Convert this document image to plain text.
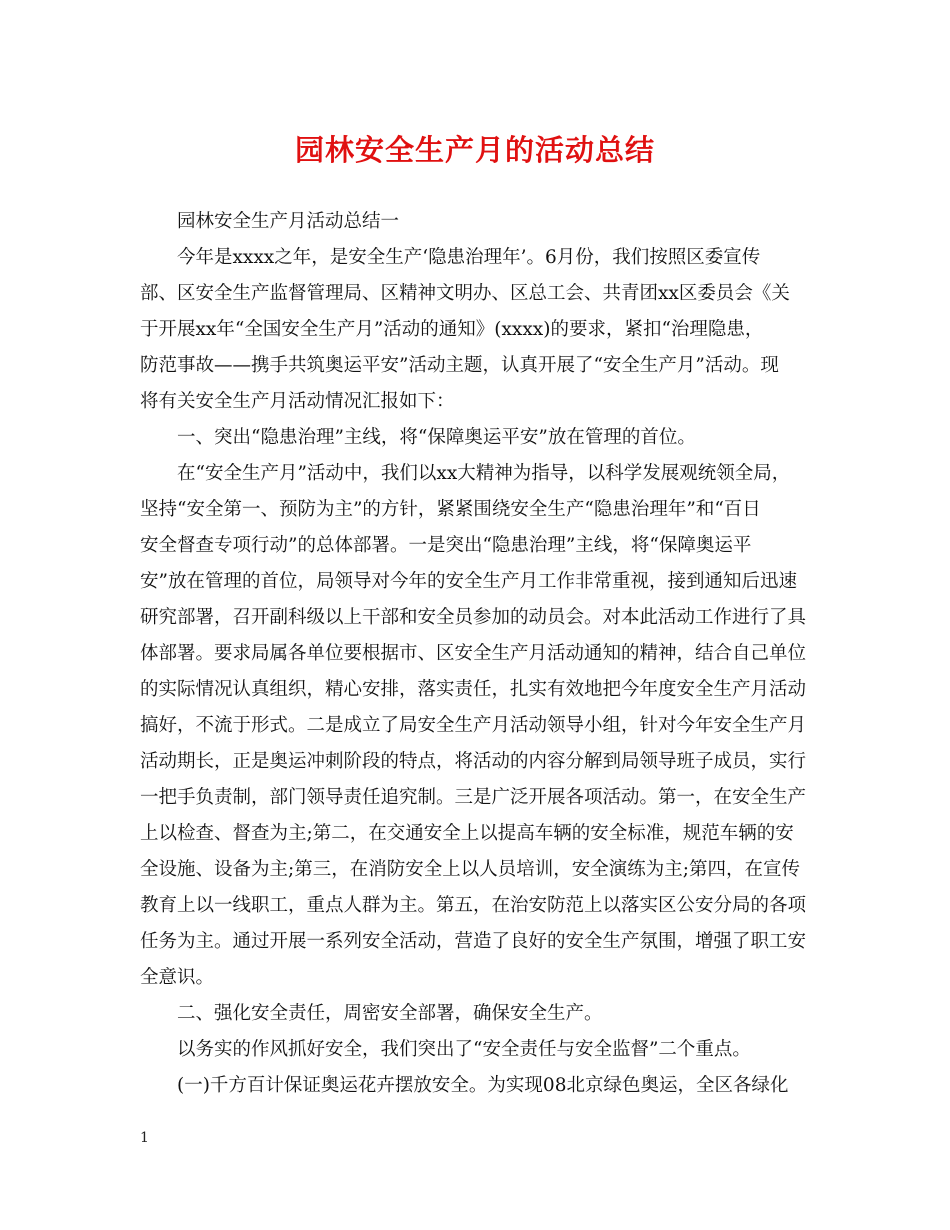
园林安全生产月的活动总结

园林安全生产月活动总结一

今年是xxxx之年，是安全生产‘隐患治理年’。6月份，我们按照区委宣传
部、区安全生产监督管理局、区精神文明办、区总工会、共青团xx区委员会《关
于开展xx年“全国安全生产月”活动的通知》(xxxx)的要求，紧扣“治理隐患，
防范事故——携手共筑奥运平安”活动主题，认真开展了“安全生产月”活动。现
将有关安全生产月活动情况汇报如下：

一、突出“隐患治理”主线，将“保障奥运平安”放在管理的首位。

在“安全生产月”活动中，我们以xx大精神为指导，以科学发展观统领全局，
坚持“安全第一、预防为主”的方针，紧紧围绕安全生产“隐患治理年”和“百日
安全督查专项行动”的总体部署。一是突出“隐患治理”主线，将“保障奥运平
安”放在管理的首位，局领导对今年的安全生产月工作非常重视，接到通知后迅速
研究部署，召开副科级以上干部和安全员参加的动员会。对本此活动工作进行了具
体部署。要求局属各单位要根据市、区安全生产月活动通知的精神，结合自己单位
的实际情况认真组织，精心安排，落实责任，扎实有效地把今年度安全生产月活动
搞好，不流于形式。二是成立了局安全生产月活动领导小组，针对今年安全生产月
活动期长，正是奥运冲刺阶段的特点，将活动的内容分解到局领导班子成员，实行
一把手负责制，部门领导责任追究制。三是广泛开展各项活动。第一，在安全生产
上以检查、督查为主;第二，在交通安全上以提高车辆的安全标准，规范车辆的安
全设施、设备为主;第三，在消防安全上以人员培训，安全演练为主;第四，在宣传
教育上以一线职工，重点人群为主。第五，在治安防范上以落实区公安分局的各项
任务为主。通过开展一系列安全活动，营造了良好的安全生产氛围，增强了职工安
全意识。

二、强化安全责任，周密安全部署，确保安全生产。

以务实的作风抓好安全，我们突出了“安全责任与安全监督”二个重点。

(一)千方百计保证奥运花卉摆放安全。为实现08北京绿色奥运，全区各绿化

1
